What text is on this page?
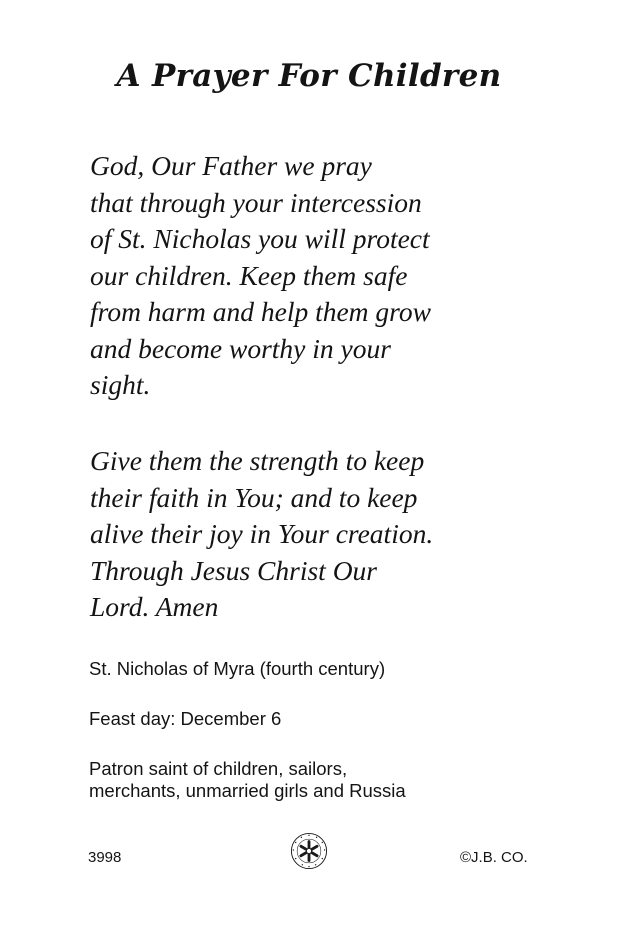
A Prayer For Children

God, Our Father we pray
that through your intercession
of St. Nicholas you will protect
our children. Keep them safe
from harm and help them grow
and become worthy in your
sight.

Give them the strength to keep
their faith in You; and to keep
alive their joy in Your creation.
Through Jesus Christ Our
Lord. Amen

St. Nicholas of Myra (fourth century)

Feast day: December 6

Patron saint of children, sailors,
merchants, unmarried girls and Russia

3998	©J.B. CO.
